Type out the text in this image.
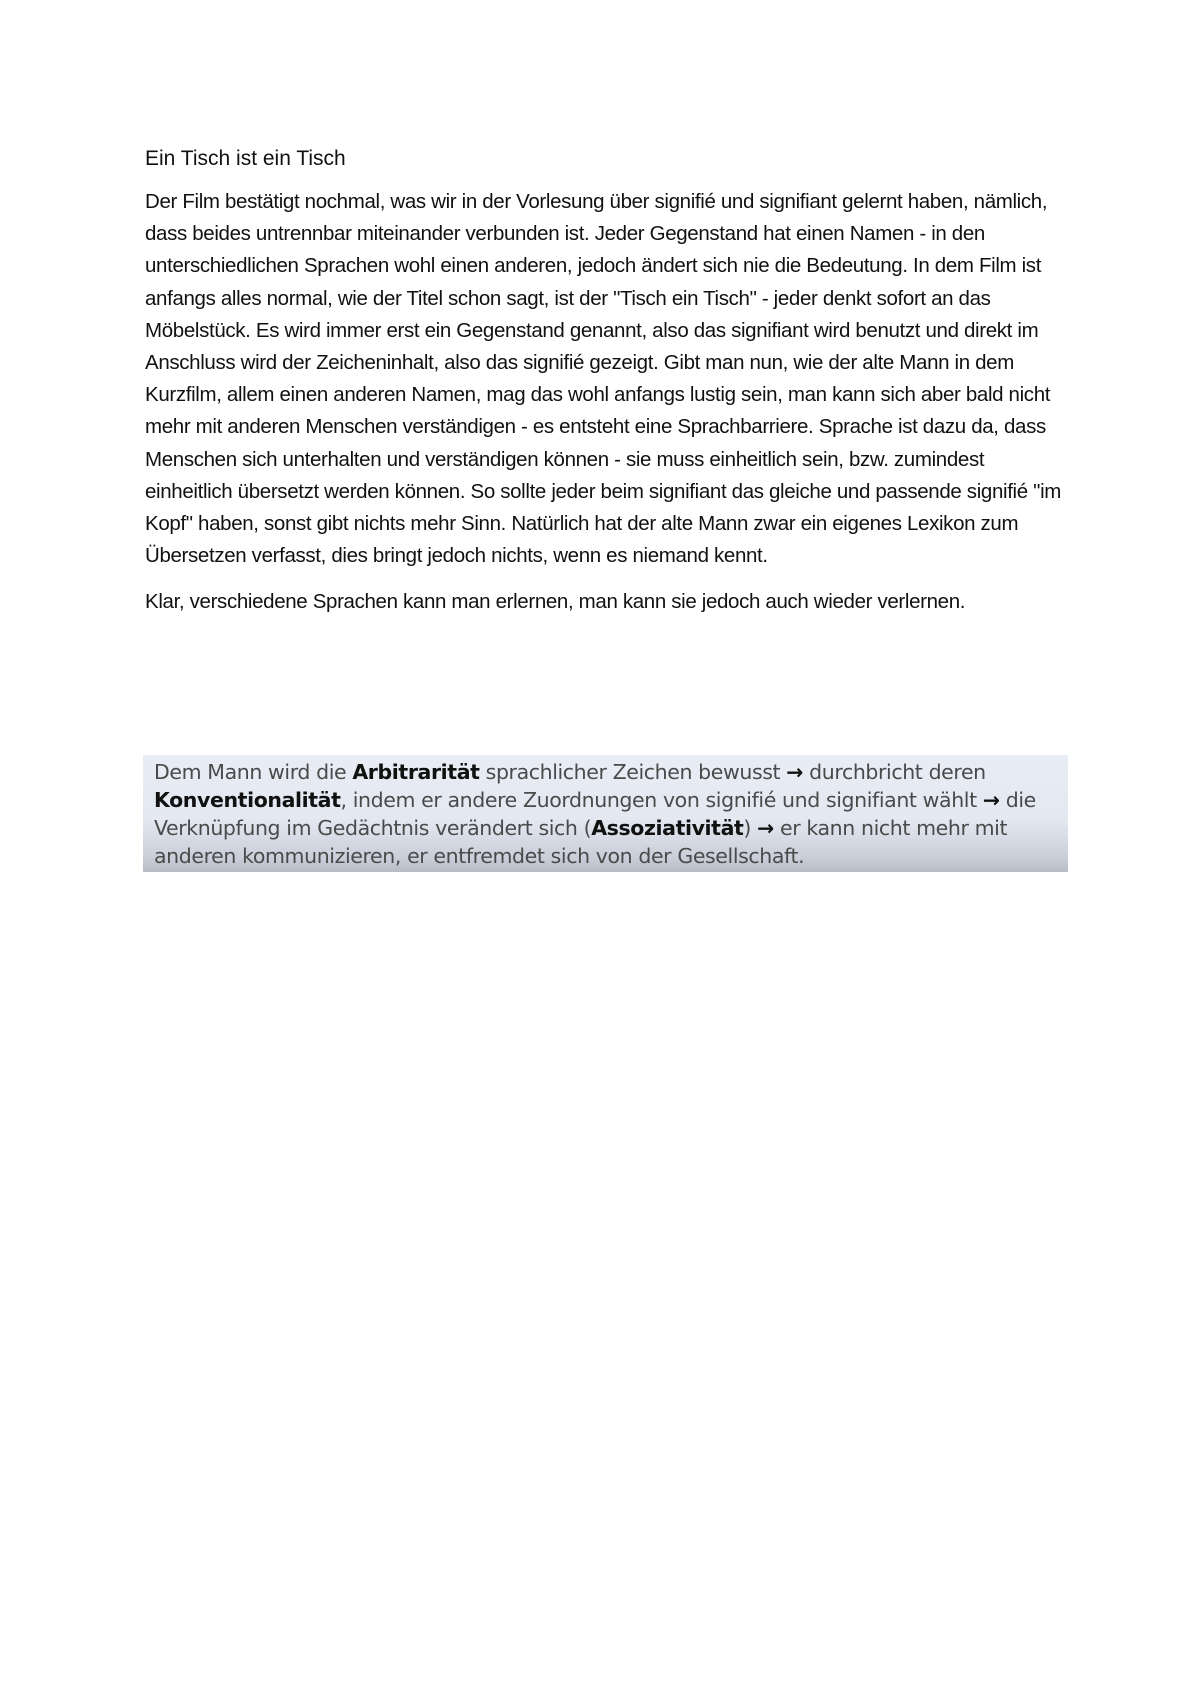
Ein Tisch ist ein Tisch

Der Film bestätigt nochmal, was wir in der Vorlesung über signifié und signifiant gelernt haben, nämlich, dass beides untrennbar miteinander verbunden ist. Jeder Gegenstand hat einen Namen - in den unterschiedlichen Sprachen wohl einen anderen, jedoch ändert sich nie die Bedeutung. In dem Film ist anfangs alles normal, wie der Titel schon sagt, ist der "Tisch ein Tisch" - jeder denkt sofort an das Möbelstück. Es wird immer erst ein Gegenstand genannt, also das signifiant wird benutzt und direkt im Anschluss wird der Zeicheninhalt, also das signifié gezeigt. Gibt man nun, wie der alte Mann in dem Kurzfilm, allem einen anderen Namen, mag das wohl anfangs lustig sein, man kann sich aber bald nicht mehr mit anderen Menschen verständigen - es entsteht eine Sprachbarriere. Sprache ist dazu da, dass Menschen sich unterhalten und verständigen können - sie muss einheitlich sein, bzw. zumindest einheitlich übersetzt werden können. So sollte jeder beim signifiant das gleiche und passende signifié "im Kopf" haben, sonst gibt nichts mehr Sinn. Natürlich hat der alte Mann zwar ein eigenes Lexikon zum Übersetzen verfasst, dies bringt jedoch nichts, wenn es niemand kennt.

Klar, verschiedene Sprachen kann man erlernen, man kann sie jedoch auch wieder verlernen.

Dem Mann wird die Arbitrarität sprachlicher Zeichen bewusst → durchbricht deren Konventionalität, indem er andere Zuordnungen von signifié und signifiant wählt → die Verknüpfung im Gedächtnis verändert sich (Assoziativität) → er kann nicht mehr mit anderen kommunizieren, er entfremdet sich von der Gesellschaft.
